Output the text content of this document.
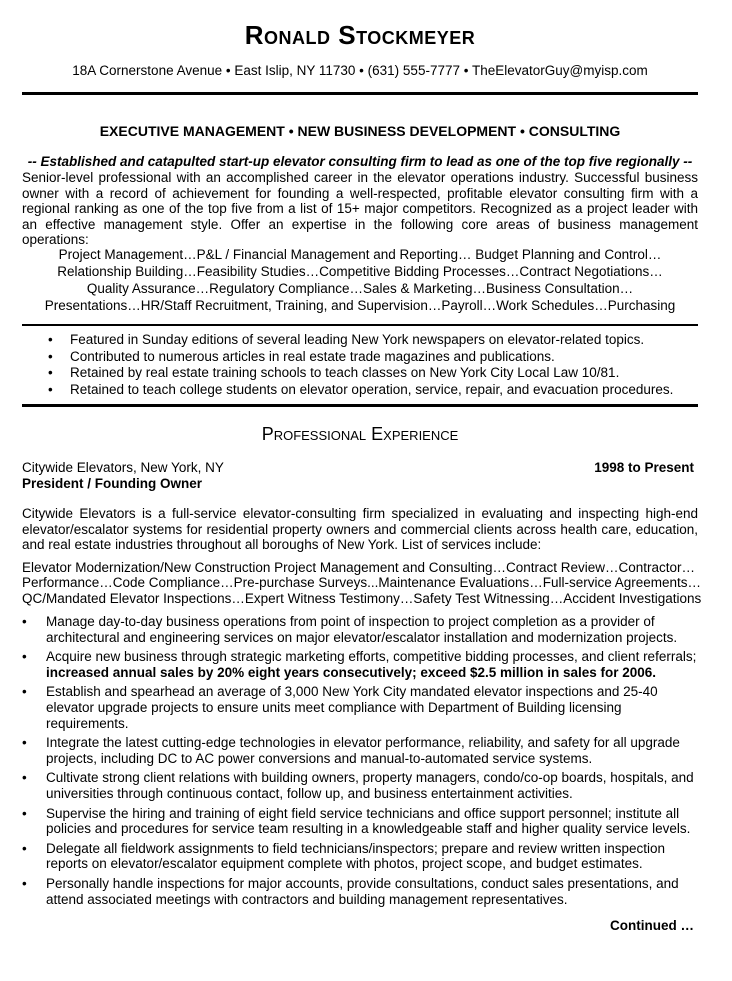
Ronald Stockmeyer
18A Cornerstone Avenue • East Islip, NY 11730 • (631) 555-7777 • TheElevatorGuy@myisp.com
EXECUTIVE MANAGEMENT • NEW BUSINESS DEVELOPMENT • CONSULTING
-- Established and catapulted start-up elevator consulting firm to lead as one of the top five regionally --
Senior-level professional with an accomplished career in the elevator operations industry. Successful business owner with a record of achievement for founding a well-respected, profitable elevator consulting firm with a regional ranking as one of the top five from a list of 15+ major competitors. Recognized as a project leader with an effective management style. Offer an expertise in the following core areas of business management operations:
Project Management…P&L / Financial Management and Reporting… Budget Planning and Control…
Relationship Building…Feasibility Studies…Competitive Bidding Processes…Contract Negotiations…
Quality Assurance…Regulatory Compliance…Sales & Marketing…Business Consultation…
Presentations…HR/Staff Recruitment, Training, and Supervision…Payroll…Work Schedules…Purchasing
• Featured in Sunday editions of several leading New York newspapers on elevator-related topics.
• Contributed to numerous articles in real estate trade magazines and publications.
• Retained by real estate training schools to teach classes on New York City Local Law 10/81.
• Retained to teach college students on elevator operation, service, repair, and evacuation procedures.
Professional Experience
Citywide Elevators, New York, NY	1998 to Present
President / Founding Owner
Citywide Elevators is a full-service elevator-consulting firm specialized in evaluating and inspecting high-end elevator/escalator systems for residential property owners and commercial clients across health care, education, and real estate industries throughout all boroughs of New York. List of services include:
Elevator Modernization/New Construction Project Management and Consulting…Contract Review…Contractor…
Performance…Code Compliance…Pre-purchase Surveys...Maintenance Evaluations…Full-service Agreements…
QC/Mandated Elevator Inspections…Expert Witness Testimony…Safety Test Witnessing…Accident Investigations
• Manage day-to-day business operations from point of inspection to project completion as a provider of architectural and engineering services on major elevator/escalator installation and modernization projects.
• Acquire new business through strategic marketing efforts, competitive bidding processes, and client referrals; increased annual sales by 20% eight years consecutively; exceed $2.5 million in sales for 2006.
• Establish and spearhead an average of 3,000 New York City mandated elevator inspections and 25-40 elevator upgrade projects to ensure units meet compliance with Department of Building licensing requirements.
• Integrate the latest cutting-edge technologies in elevator performance, reliability, and safety for all upgrade projects, including DC to AC power conversions and manual-to-automated service systems.
• Cultivate strong client relations with building owners, property managers, condo/co-op boards, hospitals, and universities through continuous contact, follow up, and business entertainment activities.
• Supervise the hiring and training of eight field service technicians and office support personnel; institute all policies and procedures for service team resulting in a knowledgeable staff and higher quality service levels.
• Delegate all fieldwork assignments to field technicians/inspectors; prepare and review written inspection reports on elevator/escalator equipment complete with photos, project scope, and budget estimates.
• Personally handle inspections for major accounts, provide consultations, conduct sales presentations, and attend associated meetings with contractors and building management representatives.
Continued …
